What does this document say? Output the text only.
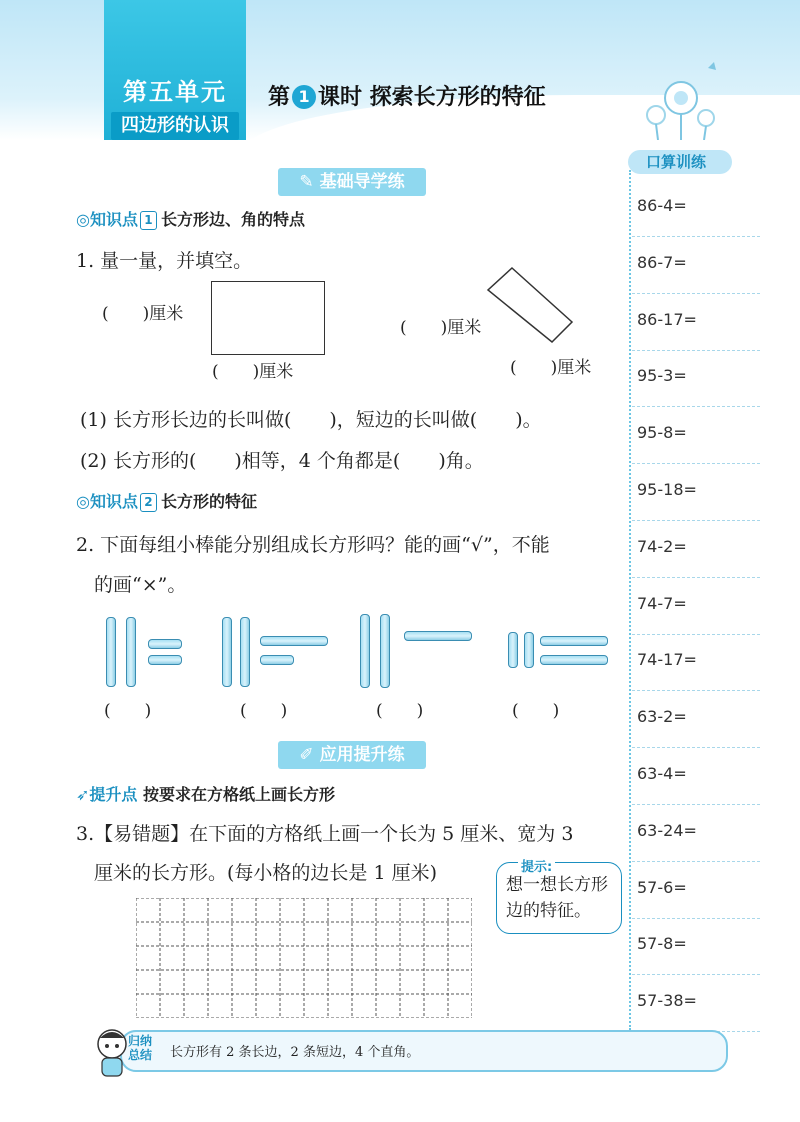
第五单元
四边形的认识
第 1 课时 探索长方形的特征
口算训练
86-4=
86-7=
86-17=
95-3=
95-8=
95-18=
74-2=
74-7=
74-17=
63-2=
63-4=
63-24=
57-6=
57-8=
57-38=
✎ 基础导学练
◎知识点 1 长方形边、角的特点
1. 量一量，并填空。
(　　)厘米
(　　)厘米
(　　)厘米
(　　)厘米
(1) 长方形长边的长叫做(　　)，短边的长叫做(　　)。
(2) 长方形的(　　)相等，4 个角都是(　　)角。
◎知识点 2 长方形的特征
2. 下面每组小棒能分别组成长方形吗？能的画“√”，不能
的画“×”。
(　　)	(　　)	(　　)	(　　)
✐ 应用提升练
➶提升点 按要求在方格纸上画长方形
3.【易错题】在下面的方格纸上画一个长为 5 厘米、宽为 3
厘米的长方形。(每小格的边长是 1 厘米)	提示:
想一想长方形边的特征。
归纳
总结 长方形有 2 条长边，2 条短边，4 个直角。
